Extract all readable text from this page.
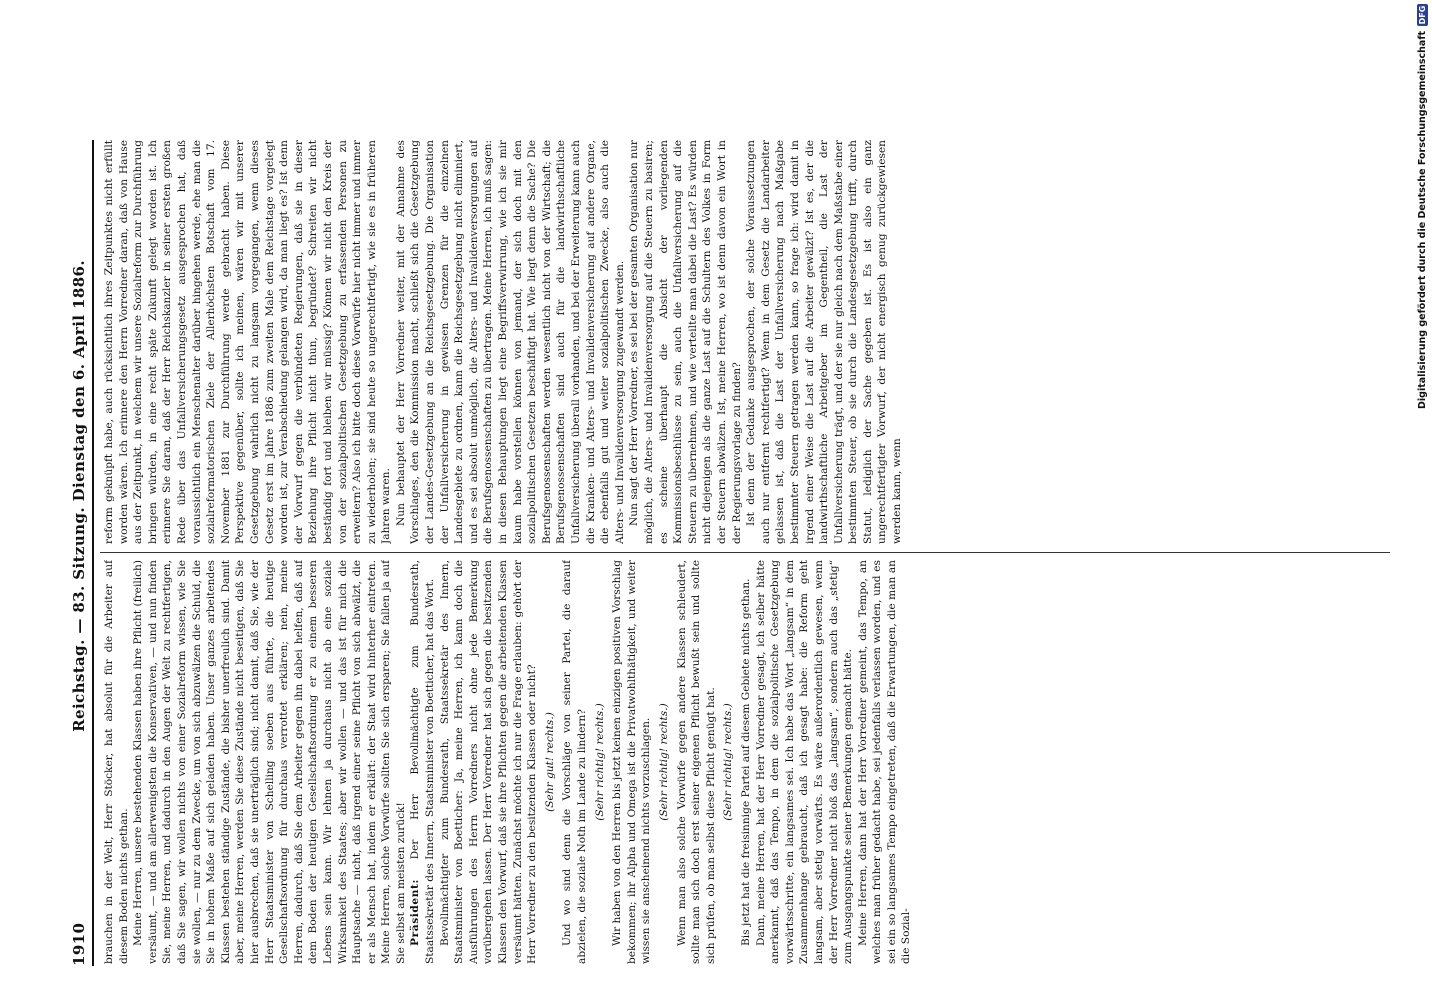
Digitalisierung gefördert durch die Deutsche Forschungsgemeinschaft
DFG
1910
Reichstag. — 83. Sitzung. Dienstag den 6. April 1886.

brauchen in der Welt, Herr Stöcker, hat absolut für die Arbeiter auf diesem Boden nichts gethan. Meine Herren, unsere bestehenden Klassen haben ihre Pflicht (freilich) versäumt, — und am allerwenigsten die Konservativen, — und nun finden Sie, meine Herren, und dadurch in den Augen der Welt zu rechtfertigen, daß Sie sagen, wir wollen nichts von einer Sozialreform wissen, wie Sie sie wollen, — nur zu dem Zwecke, um von sich abzuwälzen die Schuld, die Sie in hohem Maße auf sich geladen haben. Unser ganzes arbeitendes Klassen bestehen ständige Zustände, die bisher unerfreulich sind. Damit aber, meine Herren, werden Sie diese Zustände nicht beseitigen, daß Sie hier ausbrechen, daß sie unerträglich sind; nicht damit, daß Sie, wie der Herr Staatsminister von Schelling soeben aus führte, die heutige Gesellschaftsordnung für durchaus verrottet erklären; nein, meine Herren, dadurch, daß Sie dem Arbeiter gegen ihn dabei helfen, daß auf dem Boden der heutigen Gesellschaftsordnung er zu einem besseren Lebens sein kann. Wir lehnen ja durchaus nicht ab eine soziale Wirksamkeit des Staates; aber wir wollen — und das ist für mich die Hauptsache — nicht, daß irgend einer seine Pflicht von sich abwälzt, die er als Mensch hat, indem er erklärt: der Staat wird hinterher eintreten. Meine Herren, solche Vorwürfe sollten Sie sich ersparen; Sie fallen ja auf Sie selbst am meisten zurück! Präsident: Der Herr Bevollmächtigte zum Bundesrath, Staatssekretär des Innern, Staatsminister von Boetticher, hat das Wort. Bevollmächtigter zum Bundesrath, Staatssekretär des Innern, Staatsminister von Boetticher: Ja, meine Herren, ich kann doch die Ausführungen des Herrn Vorredners nicht ohne jede Bemerkung vorübergehen lassen. Der Herr Vorredner hat sich gegen die besitzenden Klassen den Vorwurf, daß sie ihre Pflichten gegen die arbeitenden Klassen versäumt hätten. Zunächst möchte ich nur die Frage erlauben: gehört der Herr Vorredner zu den besitzenden Klassen oder nicht? (Sehr gut! rechts.) Und wo sind denn die Vorschläge von seiner Partei, die darauf abzielen, die soziale Noth im Lande zu lindern? (Sehr richtig! rechts.) Wir haben von den Herren bis jetzt keinen einzigen positiven Vorschlag bekommen; ihr Alpha und Omega ist die Privatwohlthätigkeit, und weiter wissen sie anscheinend nichts vorzuschlagen. (Sehr richtig! rechts.) Wenn man also solche Vorwürfe gegen andere Klassen schleudert, sollte man sich doch erst seiner eigenen Pflicht bewußt sein und sollte sich prüfen, ob man selbst diese Pflicht genügt hat. (Sehr richtig! rechts.) Bis jetzt hat die freisinnige Partei auf diesem Gebiete nichts gethan. Dann, meine Herren, hat der Herr Vorredner gesagt, ich selber hätte anerkannt, daß das Tempo, in dem die sozialpolitische Gesetzgebung vorwärtsschritte, ein langsames sei. Ich habe das Wort „langsam“ in dem Zusammenhange gebraucht, daß ich gesagt habe: die Reform geht langsam, aber stetig vorwärts. Es wäre außerordentlich gewesen, wenn der Herr Vorredner nicht bloß das „langsam“, sondern auch das „stetig“ zum Ausgangspunkte seiner Bemerkungen gemacht hätte. Meine Herren, dann hat der Herr Vorredner gemeint, das Tempo, an welches man früher gedacht habe, sei jedenfalls verlassen worden, und es sei ein so langsames Tempo eingetreten, daß die Erwartungen, die man an die Sozial-

reform geknüpft habe, auch rücksichtlich ihres Zeitpunktes nicht erfüllt worden wären. Ich erinnere den Herrn Vorredner daran, daß von Hause aus der Zeitpunkt, in welchem wir unsere Sozialreform zur Durchführung bringen würden, in eine recht späte Zukunft gelegt worden ist. Ich erinnere Sie daran, daß der Herr Reichskanzler in seiner ersten großen Rede über das Unfallversicherungsgesetz ausgesprochen hat, daß voraussichtlich ein Menschenalter darüber hingehen werde, ehe man die sozialreformatorischen Ziele der Allerhöchsten Botschaft vom 17. November 1881 zur Durchführung werde gebracht haben. Diese Perspektive gegenüber, sollte ich meinen, wären wir mit unserer Gesetzgebung wahrlich nicht zu langsam vorgegangen, wenn dieses Gesetz erst im Jahre 1886 zum zweiten Male dem Reichstage vorgelegt worden ist, zur Verabschiedung gelangen wird, da man liegt es? Ist denn der Vorwurf gegen die verbündeten Regierungen, daß sie in dieser Beziehung ihre Pflicht nicht thun, begründet? Schreiten wir nicht beständig fort und bleiben wir müssig? Können wir nicht den Kreis der von der sozialpolitischen Gesetzgebung zu erfassenden Personen zu erweitern? Also ich bitte doch diese Vorwürfe hier nicht immer und immer zu wiederholen; sie sind heute so ungerechtfertigt, wie sie es in früheren Jahren waren. Nun behauptet der Herr Vorredner weiter, mit der Annahme des Vorschlages, den die Kommission macht, schließt sich die Gesetzgebung der Landes-Gesetzgebung an die Reichsgesetzgebung. Die Organisation der Unfallversicherung in gewissen Grenzen für die einzelnen Landesgebiete zu ordnen, kann die Reichsgesetzgebung nicht eliminiert, und es sei absolut unmöglich, die Alters- und Invalidenversorgungen auf die Berufsgenossenschaften zu übertragen. Meine Herren, ich muß sagen: in diesen Behauptungen liegt eine Begriffsverwirrung, wie ich sie mir kaum habe vorstellen können von jemand, der sich doch mit den sozialpolitischen Gesetzen beschäftigt hat. Wie liegt denn die Sache? Die Berufsgenossenschaften werden wesentlich nicht von der Wirtschaft; die Berufsgenossenschaften sind auch für die landwirthschaftliche Unfallversicherung überall vorhanden, und bei der Erweiterung kann auch die Kranken- und Alters- und Invalidenversicherung auf andere Organe, die ebenfalls gut und weiter sozialpolitischen Zwecke, also auch die Alters- und Invalidenversorgung zugewandt werden. Nun sagt der Herr Vorredner, es sei bei der gesamten Organisation nur möglich, die Alters- und Invalidenversorgung auf die Steuern zu basiren; es scheine überhaupt die Absicht der vorliegenden Kommissionsbeschlüsse zu sein, auch die Unfallversicherung auf die Steuern zu übernehmen, und wie verteilte man dabei die Last? Es würden nicht diejenigen als die ganze Last auf die Schultern des Volkes in Form der Steuern abwälzen. Ist, meine Herren, wo ist denn davon ein Wort in der Regierungsvorlage zu finden? Ist denn der Gedanke ausgesprochen, der solche Voraussetzungen auch nur entfernt rechtfertigt? Wenn in dem Gesetz die Landarbeiter gelassen ist, daß die Last der Unfallversicherung nach Maßgabe bestimmter Steuern getragen werden kann, so frage ich: wird damit in irgend einer Weise die Last auf die Arbeiter gewälzt? Ist es, der die landwirthschaftliche Arbeitgeber im Gegentheil, die Last der Unfallversicherung trägt, und der sie nur gleich nach dem Maßstabe einer bestimmten Steuer, ob sie durch die Landesgesetzgebung trifft, durch Statut, lediglich der Sache gegeben ist. Es ist also ein ganz ungerechtfertigter Vorwurf, der nicht energisch genug zurückgewiesen werden kann, wenn
